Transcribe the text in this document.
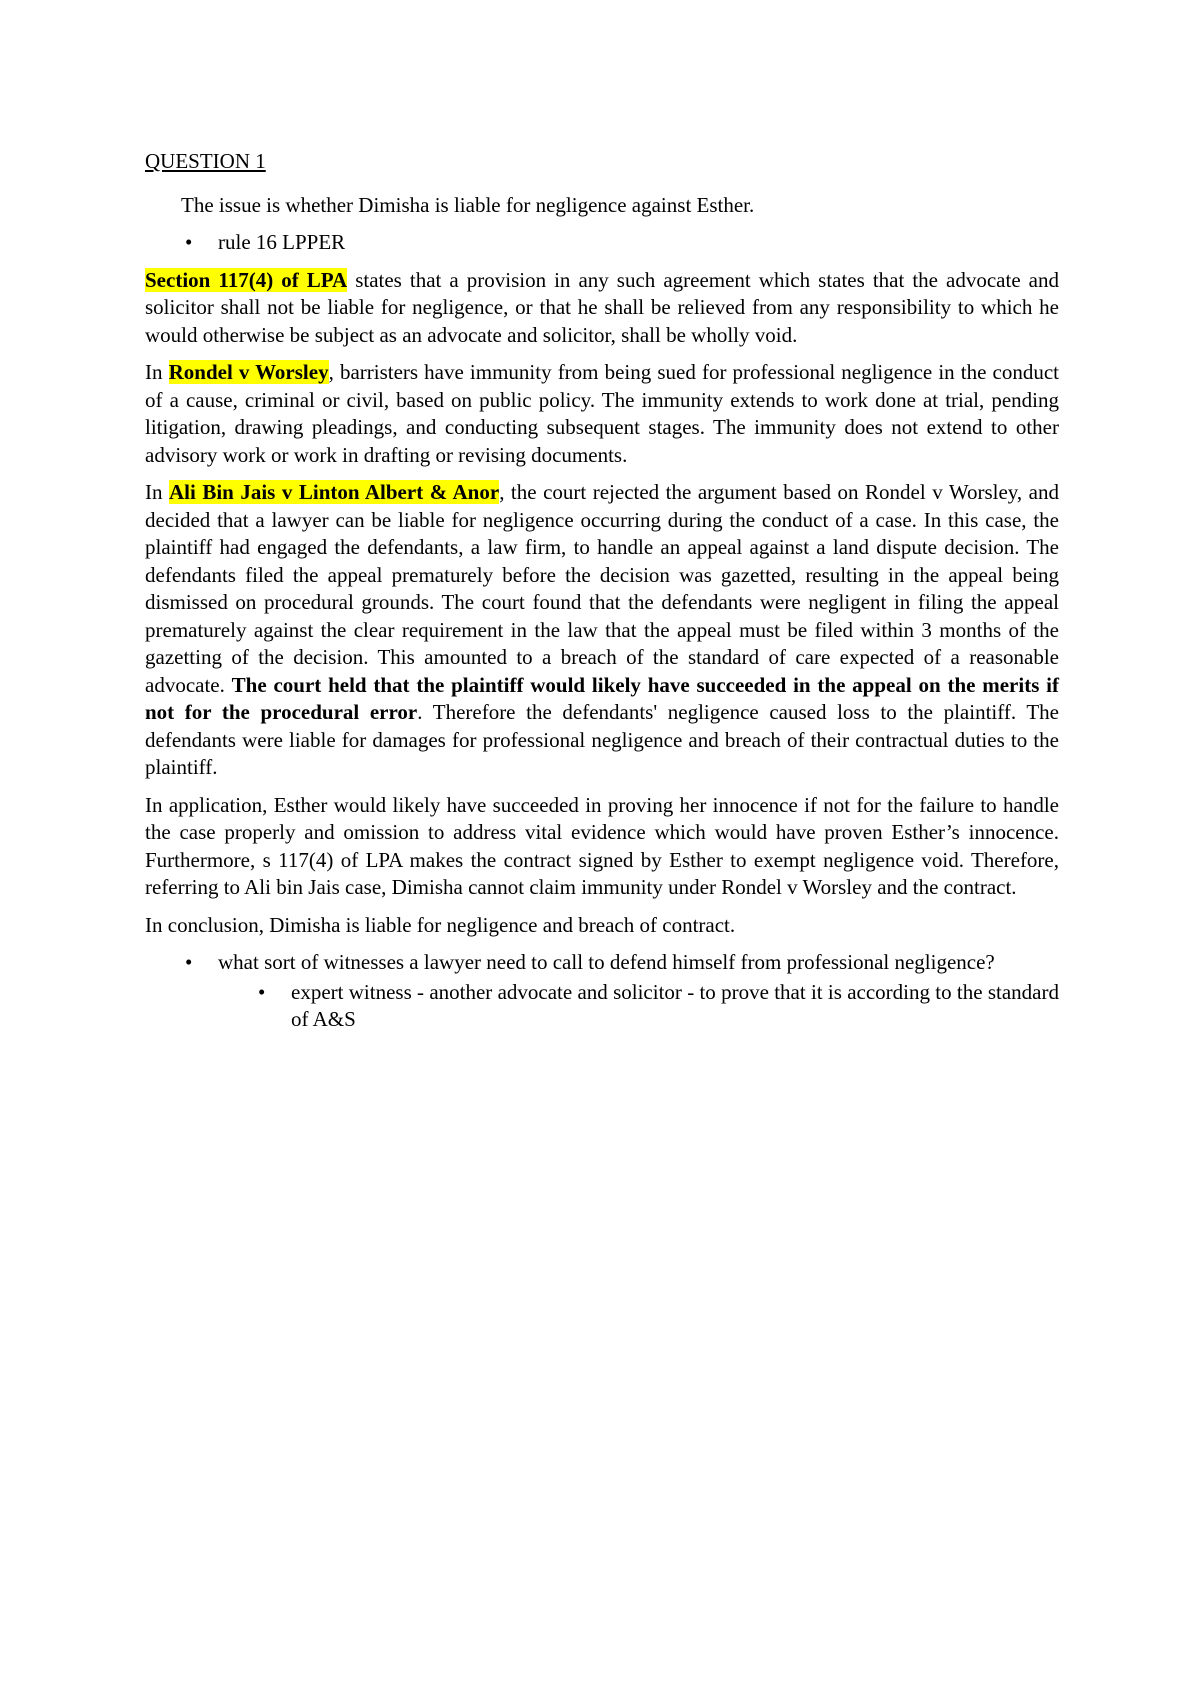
QUESTION 1

The issue is whether Dimisha is liable for negligence against Esther.

• rule 16 LPPER

Section 117(4) of LPA states that a provision in any such agreement which states that the advocate and solicitor shall not be liable for negligence, or that he shall be relieved from any responsibility to which he would otherwise be subject as an advocate and solicitor, shall be wholly void.

In Rondel v Worsley, barristers have immunity from being sued for professional negligence in the conduct of a cause, criminal or civil, based on public policy. The immunity extends to work done at trial, pending litigation, drawing pleadings, and conducting subsequent stages. The immunity does not extend to other advisory work or work in drafting or revising documents.

In Ali Bin Jais v Linton Albert & Anor, the court rejected the argument based on Rondel v Worsley, and decided that a lawyer can be liable for negligence occurring during the conduct of a case. In this case, the plaintiff had engaged the defendants, a law firm, to handle an appeal against a land dispute decision. The defendants filed the appeal prematurely before the decision was gazetted, resulting in the appeal being dismissed on procedural grounds. The court found that the defendants were negligent in filing the appeal prematurely against the clear requirement in the law that the appeal must be filed within 3 months of the gazetting of the decision. This amounted to a breach of the standard of care expected of a reasonable advocate. The court held that the plaintiff would likely have succeeded in the appeal on the merits if not for the procedural error. Therefore the defendants' negligence caused loss to the plaintiff. The defendants were liable for damages for professional negligence and breach of their contractual duties to the plaintiff.

In application, Esther would likely have succeeded in proving her innocence if not for the failure to handle the case properly and omission to address vital evidence which would have proven Esther’s innocence. Furthermore, s 117(4) of LPA makes the contract signed by Esther to exempt negligence void. Therefore, referring to Ali bin Jais case, Dimisha cannot claim immunity under Rondel v Worsley and the contract.

In conclusion, Dimisha is liable for negligence and breach of contract.

• what sort of witnesses a lawyer need to call to defend himself from professional negligence?
• expert witness - another advocate and solicitor - to prove that it is according to the standard of A&S
